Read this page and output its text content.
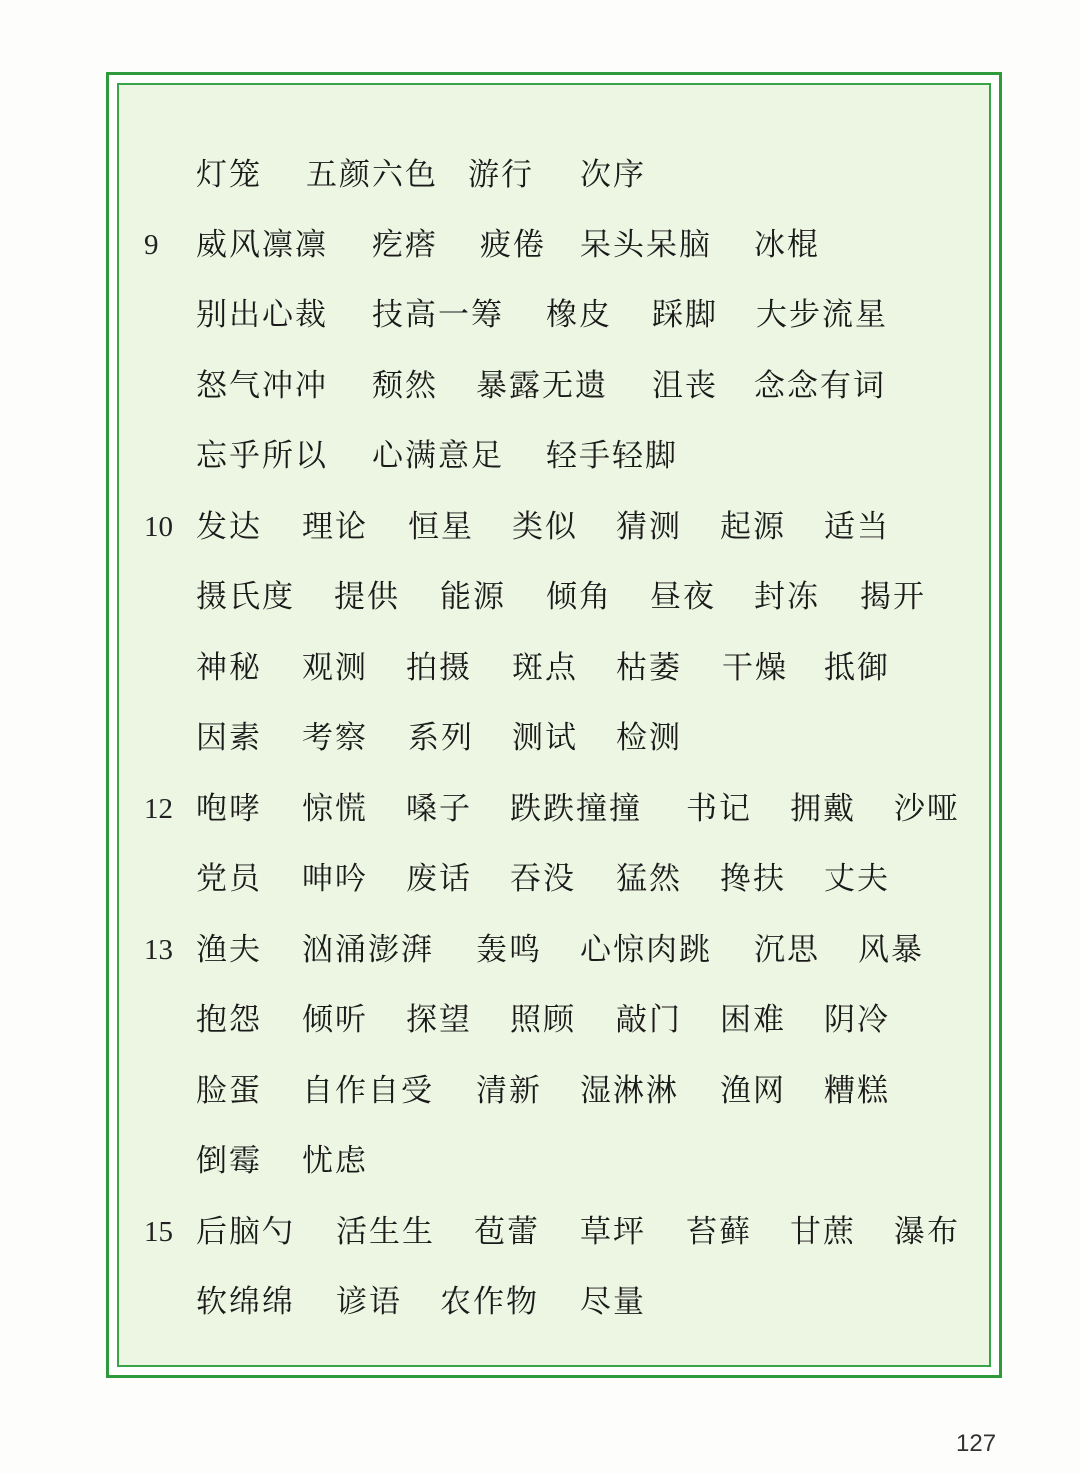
灯笼 五颜六色 游行 次序
9	威风凛凛 疙瘩 疲倦 呆头呆脑 冰棍
别出心裁 技高一筹 橡皮 踩脚 大步流星
怒气冲冲 颓然 暴露无遗 沮丧 念念有词
忘乎所以 心满意足 轻手轻脚
10 发达 理论 恒星 类似 猜测 起源 适当
摄氏度 提供 能源 倾角 昼夜 封冻 揭开
神秘 观测 拍摄 斑点 枯萎 干燥 抵御
因素 考察 系列 测试 检测
12 咆哮 惊慌 嗓子 跌跌撞撞 书记 拥戴 沙哑
党员 呻吟 废话 吞没 猛然 搀扶 丈夫
13 渔夫 汹涌澎湃 轰鸣 心惊肉跳 沉思 风暴
抱怨 倾听 探望 照顾 敲门 困难 阴冷
脸蛋 自作自受 清新 湿淋淋 渔网 糟糕
倒霉 忧虑
15 后脑勺 活生生 苞蕾 草坪 苔藓 甘蔗 瀑布
软绵绵 谚语 农作物 尽量
127
